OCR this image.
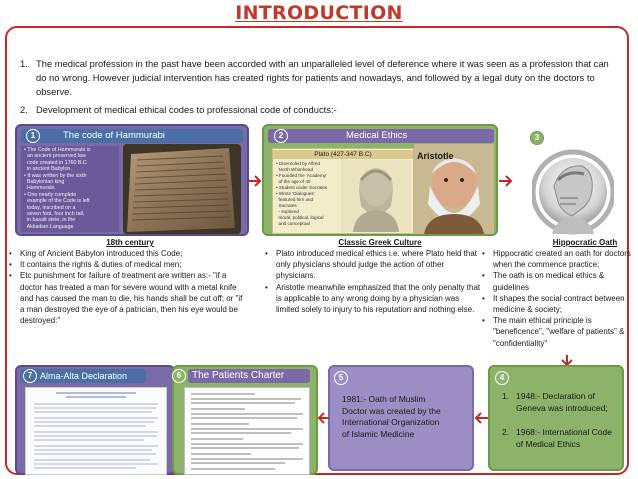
INTRODUCTION
1. The medical profession in the past have been accorded with an unparalleled level of deference where it was seen as a profession that can do no wrong. However judicial intervention has created rights for patients and nowadays, and followed by a legal duty on the doctors to observe.
2. Development of medical ethical codes to professional code of conducts:-
1	The code of Hammurabi
• The Code of Hammurabi is
an ancient preserved law
code created in 1760 B.C
in ancient Babylon.
• It was written by the sixth
Babylonian king
Hammurabi.
• One nearly complete
example of the Code is left
today, inscribed on a
seven foot, four inch tall,
in basalt stele, in the
Akkadian Language
2	Medical Ethics
Plato (427-347 B.C)
• Disenroled by Alfred
North Whitehead
• Founded the 'Academy'
of the age of 40
• Student under Socrates
• Wrote 'Dialogues'
featured him and
Socrates
- explored
moral, political, logical
and conceptual
Aristotle
3
18th century	Classic Greek Culture	Hippocratic Oath
• King of Ancient Babylon introduced this Code;
• It contains the rights & duties of medical men;
• Etc punishment for failure of treatment are written as:- "if a doctor has treated a man for severe wound with a metal knife and has caused the man to die, his hands shall be cut off; or "if a man destroyed the eye of a patrician, then his eye would be destroyed:"
• Plato introduced medical ethics i.e. where Plato held that only physicians should judge the action of other physicians.
• Aristotle meanwhile emphasized that the only penalty that is applicable to any wrong doing by a physician was limited solely to injury to his reputation and nothing else.
• Hippocratic created an oath for doctors when the commence practice;
• The oath is on medical ethics & guidelines
• It shapes the social contract between medicine & society;
• The main ethical principle is "beneficence", "welfare of patients" & "confidentiality"
7 Alma-Alta Declaration	6	The Patients Charter	5
1981:- Oath of Muslim Doctor was created by the International Organization of Islamic Medicine
4
1. 1948:- Declaration of Geneva was introduced;
2. 1968:- International Code of Medical Ethics
